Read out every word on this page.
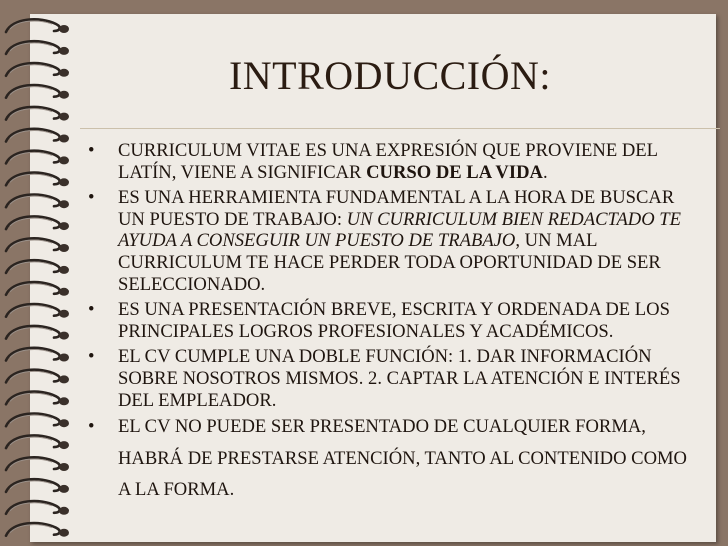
INTRODUCCIÓN:
• CURRICULUM VITAE ES UNA EXPRESIÓN QUE PROVIENE DEL LATÍN, VIENE A SIGNIFICAR CURSO DE LA VIDA.
• ES UNA HERRAMIENTA FUNDAMENTAL A LA HORA DE BUSCAR UN PUESTO DE TRABAJO: UN CURRICULUM BIEN REDACTADO TE AYUDA A CONSEGUIR UN PUESTO DE TRABAJO, UN MAL CURRICULUM TE HACE PERDER TODA OPORTUNIDAD DE SER SELECCIONADO.
• ES UNA PRESENTACIÓN BREVE, ESCRITA Y ORDENADA DE LOS PRINCIPALES LOGROS PROFESIONALES Y ACADÉMICOS.
• EL CV CUMPLE UNA DOBLE FUNCIÓN: 1. DAR INFORMACIÓN SOBRE NOSOTROS MISMOS. 2. CAPTAR LA ATENCIÓN E INTERÉS DEL EMPLEADOR.
• EL CV NO PUEDE SER PRESENTADO DE CUALQUIER FORMA, HABRÁ DE PRESTARSE ATENCIÓN, TANTO AL CONTENIDO COMO A LA FORMA.
